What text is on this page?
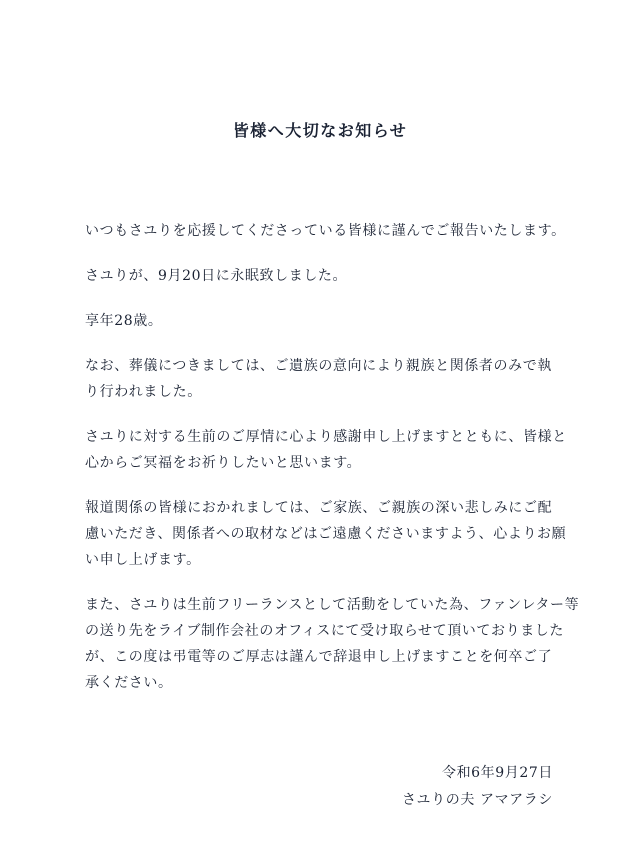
皆様へ大切なお知らせ

いつもさユりを応援してくださっている皆様に謹んでご報告いたします。

さユりが、9月20日に永眠致しました。

享年28歳。

なお、葬儀につきましては、ご遺族の意向により親族と関係者のみで執
り行われました。

さユりに対する生前のご厚情に心より感謝申し上げますとともに、皆様と
心からご冥福をお祈りしたいと思います。

報道関係の皆様におかれましては、ご家族、ご親族の深い悲しみにご配
慮いただき、関係者への取材などはご遠慮くださいますよう、心よりお願
い申し上げます。

また、さユりは生前フリーランスとして活動をしていた為、ファンレター等
の送り先をライブ制作会社のオフィスにて受け取らせて頂いておりました
が、この度は弔電等のご厚志は謹んで辞退申し上げますことを何卒ご了
承ください。

令和6年9月27日
さユりの夫 アマアラシ
